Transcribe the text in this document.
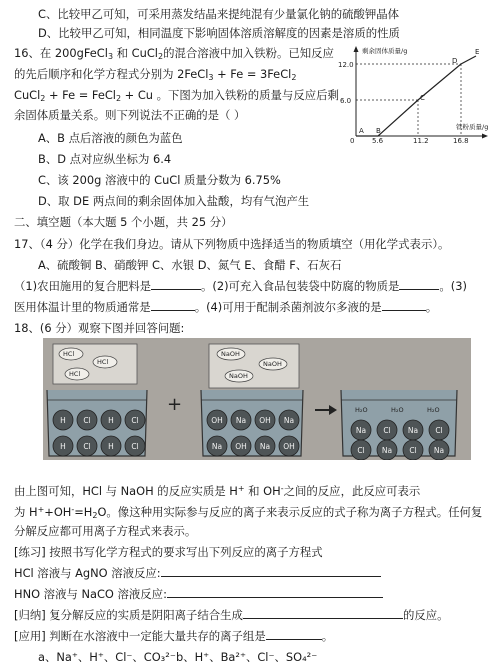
C、比较甲乙可知，可采用蒸发结晶来提纯混有少量氯化钠的硫酸钾晶体
D、比较甲乙可知，相同温度下影响固体溶质溶解度的因素是溶质的性质
16、在 200gFeCl$_3$ 和 CuCl$_2$的混合溶液中加入铁粉。已知反应
的先后顺序和化学方程式分别为 2FeCl$_3$ + Fe = 3FeCl$_2$
CuCl$_2$ + Fe = FeCl$_2$ + Cu 。下图为加入铁粉的质量与反应后剩
余固体质量关系。则下列说法不正确的是（ ）
A、B 点后溶液的颜色为蓝色
B、D 点对应纵坐标为 6.4
C、该 200g 溶液中的 CuCl 质量分数为 6.75%
D、取 DE 两点间的剩余固体加入盐酸，均有气泡产生
剩余固体质量/g
铁粉质量/g
12.0
6.0
0	5.6	11.2	16.8
A B
C
D
E
二、填空题（本大题 5 个小题，共 25 分）
17、（4 分）化学在我们身边。请从下列物质中选择适当的物质填空（用化学式表示）。
A、硫酸铜 B、硝酸钾 C、水银 D、氮气 E、食醋 F、石灰石
（1)农田施用的复合肥料是	。(2)可充入食品包装袋中防腐的物质是	。(3)
医用体温计里的物质通常是	。(4)可用于配制杀菌剂波尔多液的是	。
18、(6 分）观察下图并回答问题:
HCl
HCl
HCl
NaOH
NaOH
NaOH
H₂O	H₂O	H₂O
+
H Cl H Cl
H Cl H Cl
OH Na OH Na
Na OH Na OH
Na Cl Na Cl
Cl Na Cl Na
由上图可知，HCl 与 NaOH 的反应实质是 H+ 和 OH-之间的反应，此反应可表示
为 $H^++OH^-=H_2O$。像这种用实际参与反应的离子来表示反应的式子称为离子方程式。任何复
分解反应都可用离子方程式来表示。
[练习] 按照书写化学方程式的要求写出下列反应的离子方程式
HCl 溶液与 AgNO 溶液反应:
HNO 溶液与 NaCO 溶液反应:
[归纳] 复分解反应的实质是阴阳离子结合生成	的反应。
[应用] 判断在水溶液中一定能大量共存的离子组是	。
a、Na⁺、H⁺、Cl⁻、CO₃²⁻ b、H⁺、Ba²⁺、Cl⁻、SO₄²⁻
